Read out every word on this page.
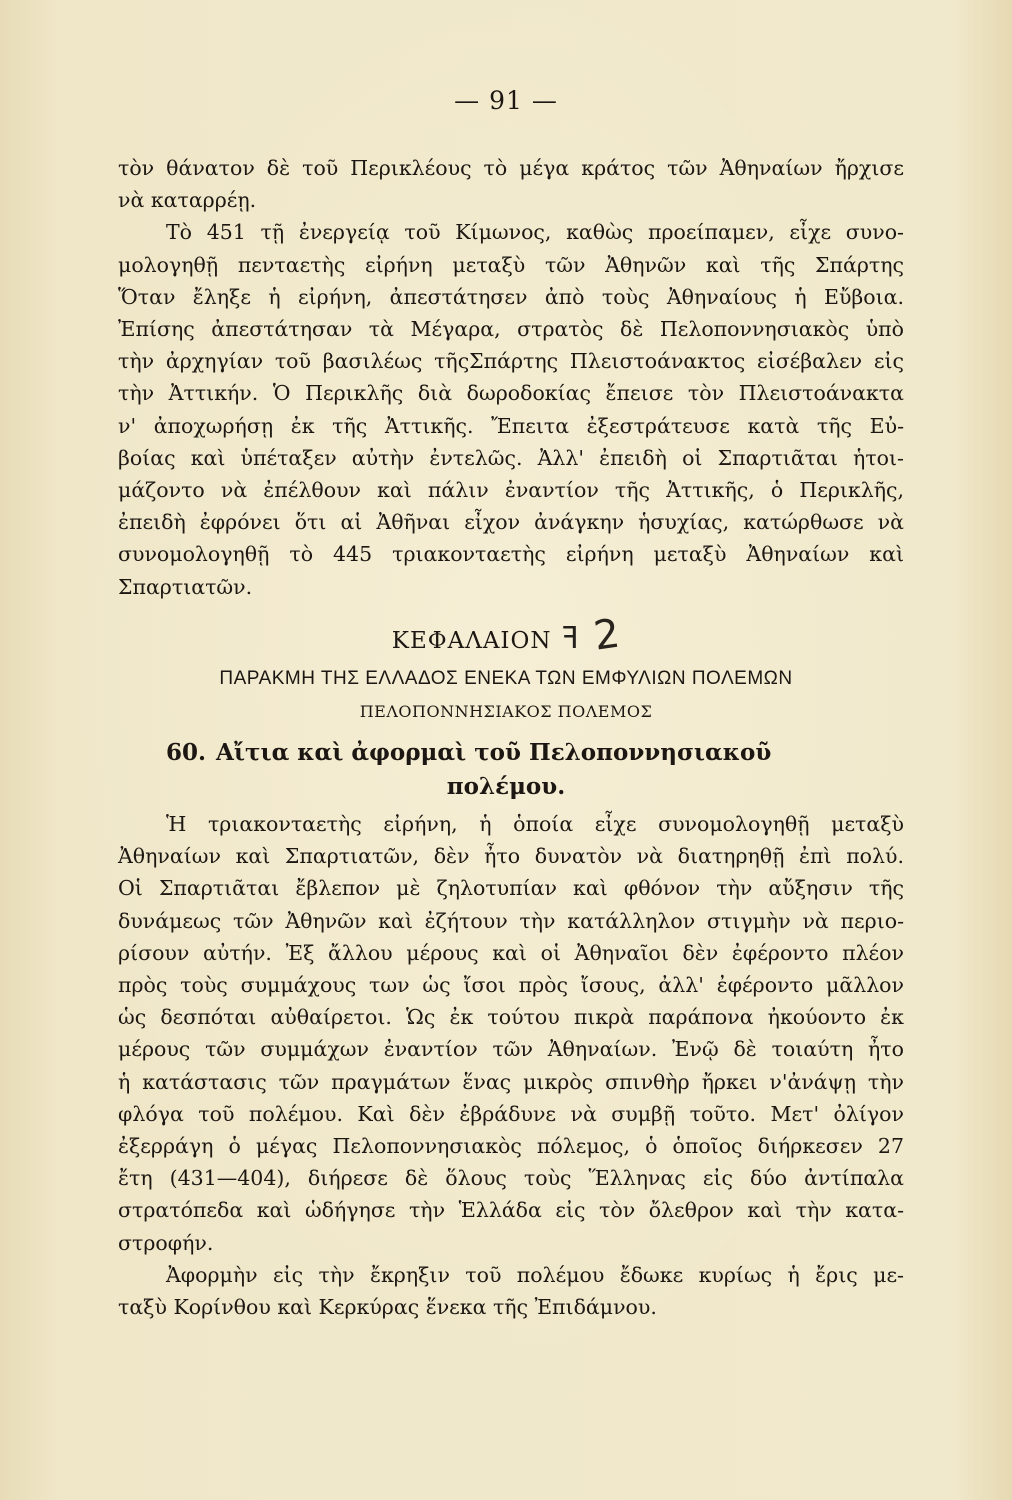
— 91 —
τὸν θάνατον δὲ τοῦ Περικλέους τὸ μέγα κράτος τῶν Ἀθηναίων ἤρχισε
νὰ καταρρέῃ.
Τὸ 451 τῇ ἐνεργείᾳ τοῦ Κίμωνος, καθὼς προείπαμεν, εἶχε συνο-
μολογηθῇ πενταετὴς εἰρήνη μεταξὺ τῶν Ἀθηνῶν καὶ τῆς Σπάρτης
Ὅταν ἔληξε ἡ εἰρήνη, ἀπεστάτησεν ἀπὸ τοὺς Ἀθηναίους ἡ Εὔβοια.
Ἐπίσης ἀπεστάτησαν τὰ Μέγαρα, στρατὸς δὲ Πελοποννησιακὸς ὑπὸ
τὴν ἀρχηγίαν τοῦ βασιλέως τῆςΣπάρτης Πλειστοάνακτος εἰσέβαλεν εἰς
τὴν Ἀττικήν. Ὁ Περικλῆς διὰ δωροδοκίας ἔπεισε τὸν Πλειστοάνακτα
ν' ἀποχωρήσῃ ἐκ τῆς Ἀττικῆς. Ἔπειτα ἐξεστράτευσε κατὰ τῆς Εὐ-
βοίας καὶ ὑπέταξεν αὐτὴν ἐντελῶς. Ἀλλ' ἐπειδὴ οἱ Σπαρτιᾶται ἡτοι-
μάζοντο νὰ ἐπέλθουν καὶ πάλιν ἐναντίον τῆς Ἀττικῆς, ὁ Περικλῆς,
ἐπειδὴ ἐφρόνει ὅτι αἱ Ἀθῆναι εἶχον ἀνάγκην ἡσυχίας, κατώρθωσε νὰ
συνομολογηθῇ τὸ 445 τριακονταετὴς εἰρήνη μεταξὺ Ἀθηναίων καὶ
Σπαρτιατῶν.
ΚΕΦΑΛΑΙΟΝ ꟻ 2
ΠΑΡΑΚΜΗ ΤΗΣ ΕΛΛΑΔΟΣ ΕΝΕΚΑ ΤΩΝ ΕΜΦΥΛΙΩΝ ΠΟΛΕΜΩΝ
ΠΕΛΟΠΟΝΝΗΣΙΑΚΟΣ ΠΟΛΕΜΟΣ
60. Αἴτια καὶ ἀφορμαὶ τοῦ Πελοποννησιακοῦ
πολέμου.
Ἡ τριακονταετὴς εἰρήνη, ἡ ὁποία εἶχε συνομολογηθῇ μεταξὺ
Ἀθηναίων καὶ Σπαρτιατῶν, δὲν ἦτο δυνατὸν νὰ διατηρηθῇ ἐπὶ πολύ.
Οἱ Σπαρτιᾶται ἔβλεπον μὲ ζηλοτυπίαν καὶ φθόνον τὴν αὔξησιν τῆς
δυνάμεως τῶν Ἀθηνῶν καὶ ἐζήτουν τὴν κατάλληλον στιγμὴν νὰ περιο-
ρίσουν αὐτήν. Ἐξ ἄλλου μέρους καὶ οἱ Ἀθηναῖοι δὲν ἐφέροντο πλέον
πρὸς τοὺς συμμάχους των ὡς ἴσοι πρὸς ἴσους, ἀλλ' ἐφέροντο μᾶλλον
ὡς δεσπόται αὐθαίρετοι. Ὡς ἐκ τούτου πικρὰ παράπονα ἠκούοντο ἐκ
μέρους τῶν συμμάχων ἐναντίον τῶν Ἀθηναίων. Ἐνῷ δὲ τοιαύτη ἦτο
ἡ κατάστασις τῶν πραγμάτων ἕνας μικρὸς σπινθὴρ ἤρκει ν'ἀνάψῃ τὴν
φλόγα τοῦ πολέμου. Καὶ δὲν ἐβράδυνε νὰ συμβῇ τοῦτο. Μετ' ὀλίγον
ἐξερράγη ὁ μέγας Πελοποννησιακὸς πόλεμος, ὁ ὁποῖος διήρκεσεν 27
ἔτη (431—404), διήρεσε δὲ ὅλους τοὺς Ἕλληνας εἰς δύο ἀντίπαλα
στρατόπεδα καὶ ὡδήγησε τὴν Ἑλλάδα εἰς τὸν ὄλεθρον καὶ τὴν κατα-
στροφήν.
Ἀφορμὴν εἰς τὴν ἔκρηξιν τοῦ πολέμου ἔδωκε κυρίως ἡ ἔρις με-
ταξὺ Κορίνθου καὶ Κερκύρας ἕνεκα τῆς Ἐπιδάμνου.
